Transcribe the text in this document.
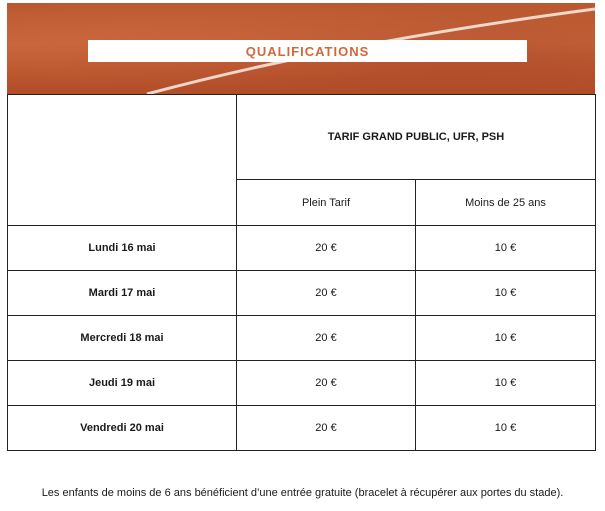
QUALIFICATIONS
	TARIF GRAND PUBLIC, UFR, PSH	
	Plein Tarif	Moins de 25 ans
Lundi 16 mai	20 €	10 €
Mardi 17 mai	20 €	10 €
Mercredi 18 mai	20 €	10 €
Jeudi 19 mai	20 €	10 €
Vendredi 20 mai	20 €	10 €
Les enfants de moins de 6 ans bénéficient d’une entrée gratuite (bracelet à récupérer aux portes du stade).
